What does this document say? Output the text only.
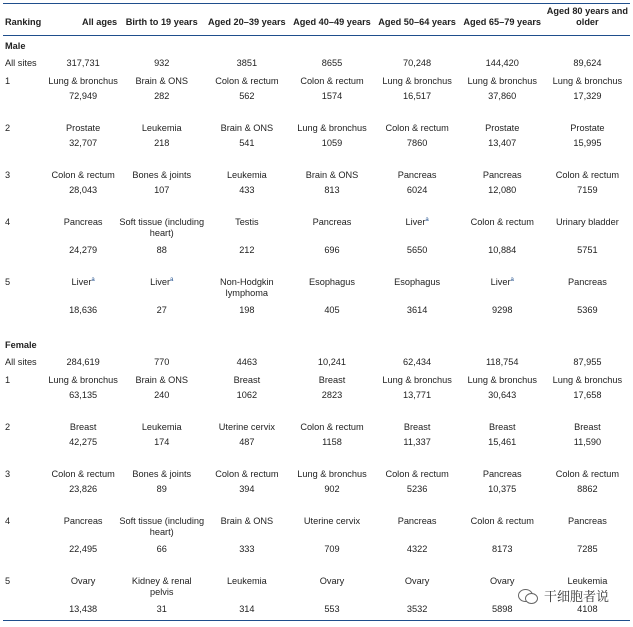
Ranking	All ages	Birth to 19 years	Aged 20–39 years	Aged 40–49 years	Aged 50–64 years	Aged 65–79 years	Aged 80 years and older
Male							
All sites	317,731	932	3851	8655	70,248	144,420	89,624
1	Lung & bronchus	Brain & ONS	Colon & rectum	Colon & rectum	Lung & bronchus	Lung & bronchus	Lung & bronchus
	72,949	282	562	1574	16,517	37,860	17,329
2	Prostate	Leukemia	Brain & ONS	Lung & bronchus	Colon & rectum	Prostate	Prostate
	32,707	218	541	1059	7860	13,407	15,995
3	Colon & rectum	Bones & joints	Leukemia	Brain & ONS	Pancreas	Pancreas	Colon & rectum
	28,043	107	433	813	6024	12,080	7159
4	Pancreas	Soft tissue (including heart)	Testis	Pancreas	Liver$^a$	Colon & rectum	Urinary bladder
	24,279	88	212	696	5650	10,884	5751
5	Liver$^a$	Liver$^a$	Non-Hodgkin lymphoma	Esophagus	Esophagus	Liver$^a$	Pancreas
	18,636	27	198	405	3614	9298	5369
Female							
All sites	284,619	770	4463	10,241	62,434	118,754	87,955
1	Lung & bronchus	Brain & ONS	Breast	Breast	Lung & bronchus	Lung & bronchus	Lung & bronchus
	63,135	240	1062	2823	13,771	30,643	17,658
2	Breast	Leukemia	Uterine cervix	Colon & rectum	Breast	Breast	Breast
	42,275	174	487	1158	11,337	15,461	11,590
3	Colon & rectum	Bones & joints	Colon & rectum	Lung & bronchus	Colon & rectum	Pancreas	Colon & rectum
	23,826	89	394	902	5236	10,375	8862
4	Pancreas	Soft tissue (including heart)	Brain & ONS	Uterine cervix	Pancreas	Colon & rectum	Pancreas
	22,495	66	333	709	4322	8173	7285
5	Ovary	Kidney & renal pelvis	Leukemia	Ovary	Ovary	Ovary	Leukemia
	13,438	31	314	553	3532	5898	4108
干细胞者说
